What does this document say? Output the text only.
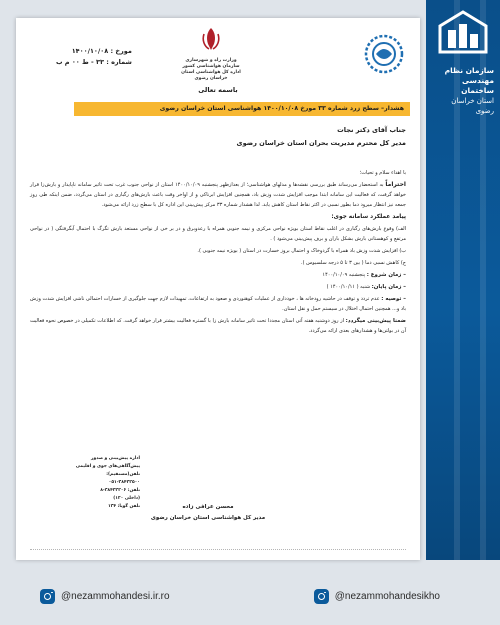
سازمان نظام مهندسی ساختمان
استان خراسان رضوی
مورخ : ۱۴۰۰/۱۰/۰۸
شماره : ۳۳ - ط ۰۰ م ب	وزارت راه و شهرسازی
سازمان هواشناسی کشور
اداره کل هواشناسی استان خراسان رضوی
باسمه تعالی
هشدار– سطح زرد شماره ۳۳ مورخ ۱۴۰۰/۱۰/۰۸ هواشناسی استان خراسان رضوی
جناب آقای دکتر نجات
مدیر کل محترم مدیریت بحران استان خراسان رضوی

با اهداء سلام و تحیات؛

احتراماً به استحضار می‌رساند طبق بررسی نقشه‌ها و مدلهای هواشناسی؛ از بعدازظهر پنجشنبه ۱۴۰۰/۱۰/۰۹ استان از نواحی جنوب غرب تحت تاثیر سامانه ناپایدار و بارش‌زا قرار خواهد گرفت، که فعالیت این سامانه ابتدا موجب افزایش شدت وزش باد، همچنین افزایش ابرناکی و از اواخر وقت باعث بارش‌های رگباری در استان می‌گردد، ضمن اینکه طی روز جمعه نیز انتظار میرود دما بطور نسبی در اکثر نقاط استان کاهش یابد. لذا هشدار شماره ۳۳ مرکز پیش‌بینی این اداره کل با سطح زرد ارائه می‌شود.

پیامد عملکرد سامانه جوی:

الف) وقوع بارش‌های رگباری در اغلب نقاط استان بویژه نواحی مرکزی و نیمه جنوبی همراه با رعدوبرق و در بر خی از نواحی مستعد بارش تگرگ با احتمال آبگرفتگی ( در نواحی مرتفع و کوهستانی بارش بشکل باران و برف پیش‌بینی می‌شود ) .

ب) افزایش شدت وزش باد همراه با گردوخاک و احتمال بروز خسارت در استان ( بویژه نیمه جنوبی ).

ج) کاهش نسبی دما ( بین ۳ تا ۵ درجه سلسیوس ).

– زمان شروع : پنجشنبه ۱۴۰۰/۱۰/۰۹

– زمان پایان: شنبه ( ۱۴۰۰/۱۰/۱۱ )

– توصیه : عدم تردد و توقف در حاشیه رودخانه ها ، خودداری از عملیات کوهنوردی و صعود به ارتفاعات، تمهیدات لازم جهت جلوگیری از خسارات احتمالی ناشی افزایش شدت وزش باد و... همچنین احتمال اختلال در سیستم حمل و نقل استان.

ضمنا پیش‌بینی میگردد: از روز دوشنبه هفته آتی استان مجددا تحت تاثیر سامانه بارش زا با گستره فعالیت بیشتر قرار خواهد گرفت. که اطلاعات تکمیلی در خصوص نحوه فعالیت آن در بولتن‌ها و هشدارهای بعدی ارائه می‌گردد.

اداره پیش‌بینی و صدور پیش‌آگاهی‌های جوی و اقلیمی
تلفن(مستقیم): ۳۸۴۲۲۵۰۰-۰۵۱
تلفن: ۳۸۴۲۲۲۰۶-۸
(داخلی ۱۲۰)
تلفن گویا: ۱۳۴	محسن عرافی زاده
مدیر کل هواشناسی استان خراسان رضوی
@nezammohandesi.ir.ro	@nezammohandesikho
